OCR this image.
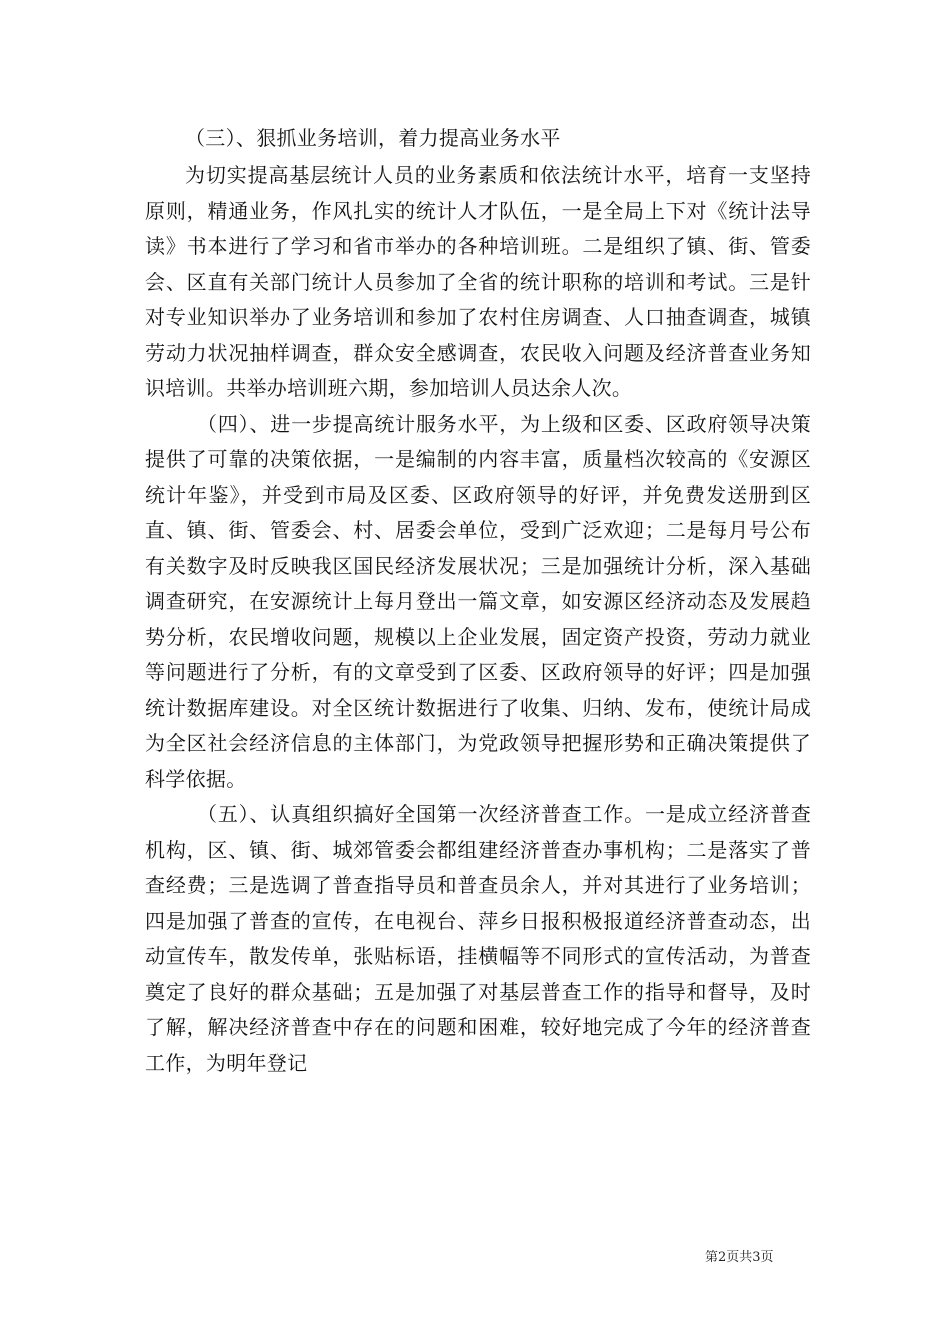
（三）、狠抓业务培训，着力提高业务水平

为切实提高基层统计人员的业务素质和依法统计水平，培育一支坚持原则，精通业务，作风扎实的统计人才队伍，一是全局上下对《统计法导读》书本进行了学习和省市举办的各种培训班。二是组织了镇、街、管委会、区直有关部门统计人员参加了全省的统计职称的培训和考试。三是针对专业知识举办了业务培训和参加了农村住房调查、人口抽查调查，城镇劳动力状况抽样调查，群众安全感调查，农民收入问题及经济普查业务知识培训。共举办培训班六期，参加培训人员达余人次。

（四）、进一步提高统计服务水平，为上级和区委、区政府领导决策提供了可靠的决策依据，一是编制的内容丰富，质量档次较高的《安源区统计年鉴》，并受到市局及区委、区政府领导的好评，并免费发送册到区直、镇、街、管委会、村、居委会单位，受到广泛欢迎；二是每月号公布有关数字及时反映我区国民经济发展状况；三是加强统计分析，深入基础调查研究，在安源统计上每月登出一篇文章，如安源区经济动态及发展趋势分析，农民增收问题，规模以上企业发展，固定资产投资，劳动力就业等问题进行了分析，有的文章受到了区委、区政府领导的好评；四是加强统计数据库建设。对全区统计数据进行了收集、归纳、发布，使统计局成为全区社会经济信息的主体部门，为党政领导把握形势和正确决策提供了科学依据。

（五）、认真组织搞好全国第一次经济普查工作。一是成立经济普查机构，区、镇、街、城郊管委会都组建经济普查办事机构；二是落实了普查经费；三是选调了普查指导员和普查员余人，并对其进行了业务培训；四是加强了普查的宣传，在电视台、萍乡日报积极报道经济普查动态，出动宣传车，散发传单，张贴标语，挂横幅等不同形式的宣传活动，为普查奠定了良好的群众基础；五是加强了对基层普查工作的指导和督导，及时了解，解决经济普查中存在的问题和困难，较好地完成了今年的经济普查工作，为明年登记

第2页共3页
